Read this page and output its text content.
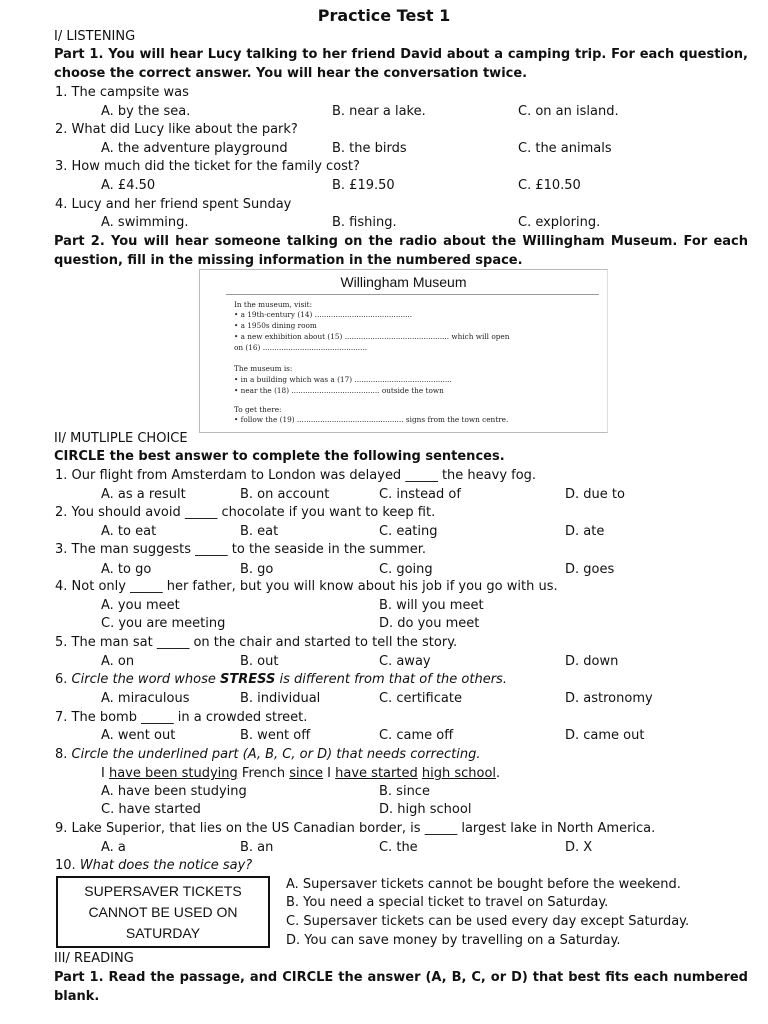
Practice Test 1
I/ LISTENING
Part 1. You will hear Lucy talking to her friend David about a camping trip. For each question, choose the correct answer. You will hear the conversation twice.
1. The campsite was
A. by the sea.	B. near a lake.	C. on an island.
2. What did Lucy like about the park?
A. the adventure playground	B. the birds	C. the animals
3. How much did the ticket for the family cost?
A. £4.50	B. £19.50	C. £10.50
4. Lucy and her friend spent Sunday
A. swimming.	B. fishing.	C. exploring.
Part 2. You will hear someone talking on the radio about the Willingham Museum. For each question, fill in the missing information in the numbered space.
Willingham Museum
In the museum, visit:
• a 19th-century (14) ..........................................
• a 1950s dining room
• a new exhibition about (15) ............................................. which will open
on (16) .............................................
The museum is:
• in a building which was a (17) ..........................................
• near the (18) ...................................... outside the town
To get there:
• follow the (19) .............................................. signs from the town centre.
II/ MUTLIPLE CHOICE
CIRCLE the best answer to complete the following sentences.
1. Our flight from Amsterdam to London was delayed _____ the heavy fog.
A. as a result	B. on account	C. instead of	D. due to
2. You should avoid _____ chocolate if you want to keep fit.
A. to eat	B. eat	C. eating	D. ate
3. The man suggests _____ to the seaside in the summer.
A. to go	B. go	C. going	D. goes
4. Not only _____ her father, but you will know about his job if you go with us.
A. you meet	B. will you meet
C. you are meeting	D. do you meet
5. The man sat _____ on the chair and started to tell the story.
A. on	B. out	C. away	D. down
6. Circle the word whose STRESS is different from that of the others.
A. miraculous	B. individual	C. certificate	D. astronomy
7. The bomb _____ in a crowded street.
A. went out	B. went off	C. came off	D. came out
8. Circle the underlined part (A, B, C, or D) that needs correcting.
I have been studying French since I have started high school.
A. have been studying	B. since
C. have started	D. high school
9. Lake Superior, that lies on the US Canadian border, is _____ largest lake in North America.
A. a	B. an	C. the	D. X
10. What does the notice say?
SUPERSAVER TICKETS
CANNOT BE USED ON
SATURDAY
A. Supersaver tickets cannot be bought before the weekend.
B. You need a special ticket to travel on Saturday.
C. Supersaver tickets can be used every day except Saturday.
D. You can save money by travelling on a Saturday.
III/ READING
Part 1. Read the passage, and CIRCLE the answer (A, B, C, or D) that best fits each numbered blank.
